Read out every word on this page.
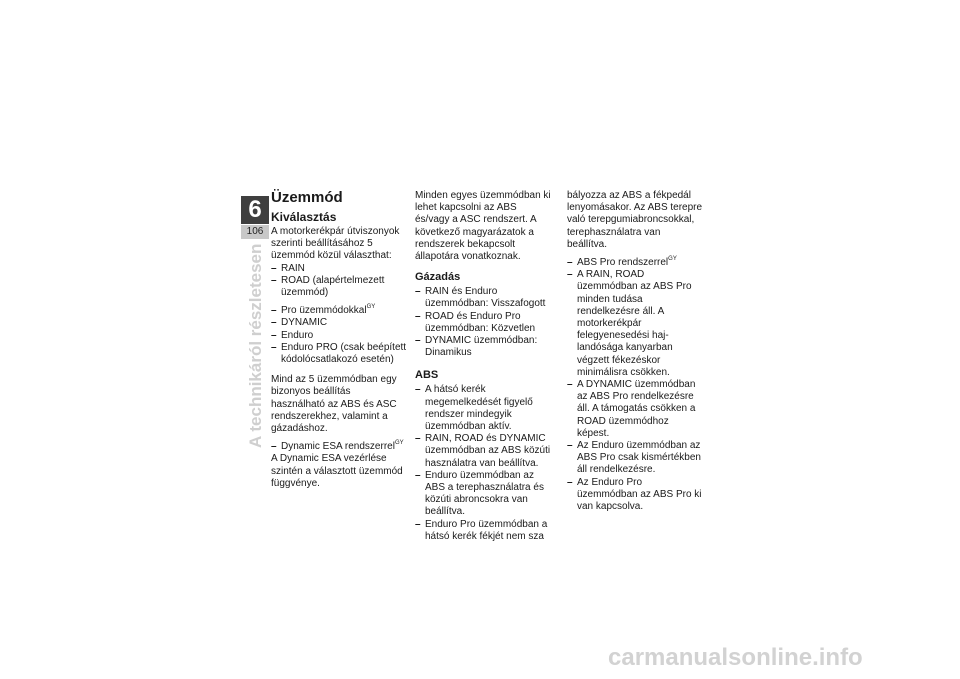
6
106
A technikáról részletesen
Üzemmód
Kiválasztás

A motorkerékpár útviszonyok szerinti beállításához 5 üzemmód közül választhat:

– RAIN
– ROAD (alapértelmezett üzemmód)
– Pro üzemmódokkal$^{GY}$
– DYNAMIC
– Enduro
– Enduro PRO (csak beépített kódolócsatlakozó esetén)

Mind az 5 üzemmódban egy bizonyos beállítás használható az ABS és ASC rendszerekhez, valamint a gázadáshoz.

– Dynamic ESA rendszerrel$^{GY}$

A Dynamic ESA vezérlése szintén a választott üzemmód függvénye.

Minden egyes üzemmódban ki lehet kapcsolni az ABS és/vagy a ASC rendszert. A következő magyarázatok a rendszerek bekapcsolt állapotára vonatkoznak.

Gázadás
– RAIN és Enduro üzemmódban: Visszafogott
– ROAD és Enduro Pro üzemmódban: Közvetlen
– DYNAMIC üzemmódban: Dinamikus
ABS
– A hátsó kerék megemelkedését figyelő rendszer mindegyik üzemmódban aktív.
– RAIN, ROAD és DYNAMIC üzemmódban az ABS közúti használatra van beállítva.
– Enduro üzemmódban az ABS a terephasználatra és közúti abroncsokra van beállítva.
– Enduro Pro üzemmódban a hátsó kerék fékjét nem sza

bályozza az ABS a fékpedál lenyomásakor. Az ABS terepre való terepgumiabroncsokkal, terephasználatra van beállítva.

– ABS Pro rendszerrel$^{GY}$
– A RAIN, ROAD üzemmódban az ABS Pro minden tudása rendelkezésre áll. A motorkerékpár felegyenesedési hajlandósága kanyarban végzett fékezéskor minimálisra csökken.
– A DYNAMIC üzemmódban az ABS Pro rendelkezésre áll. A támogatás csökken a ROAD üzemmódhoz képest.
– Az Enduro üzemmódban az ABS Pro csak kismértékben áll rendelkezésre.
– Az Enduro Pro üzemmódban az ABS Pro ki van kapcsolva.
carmanualsonline.info
